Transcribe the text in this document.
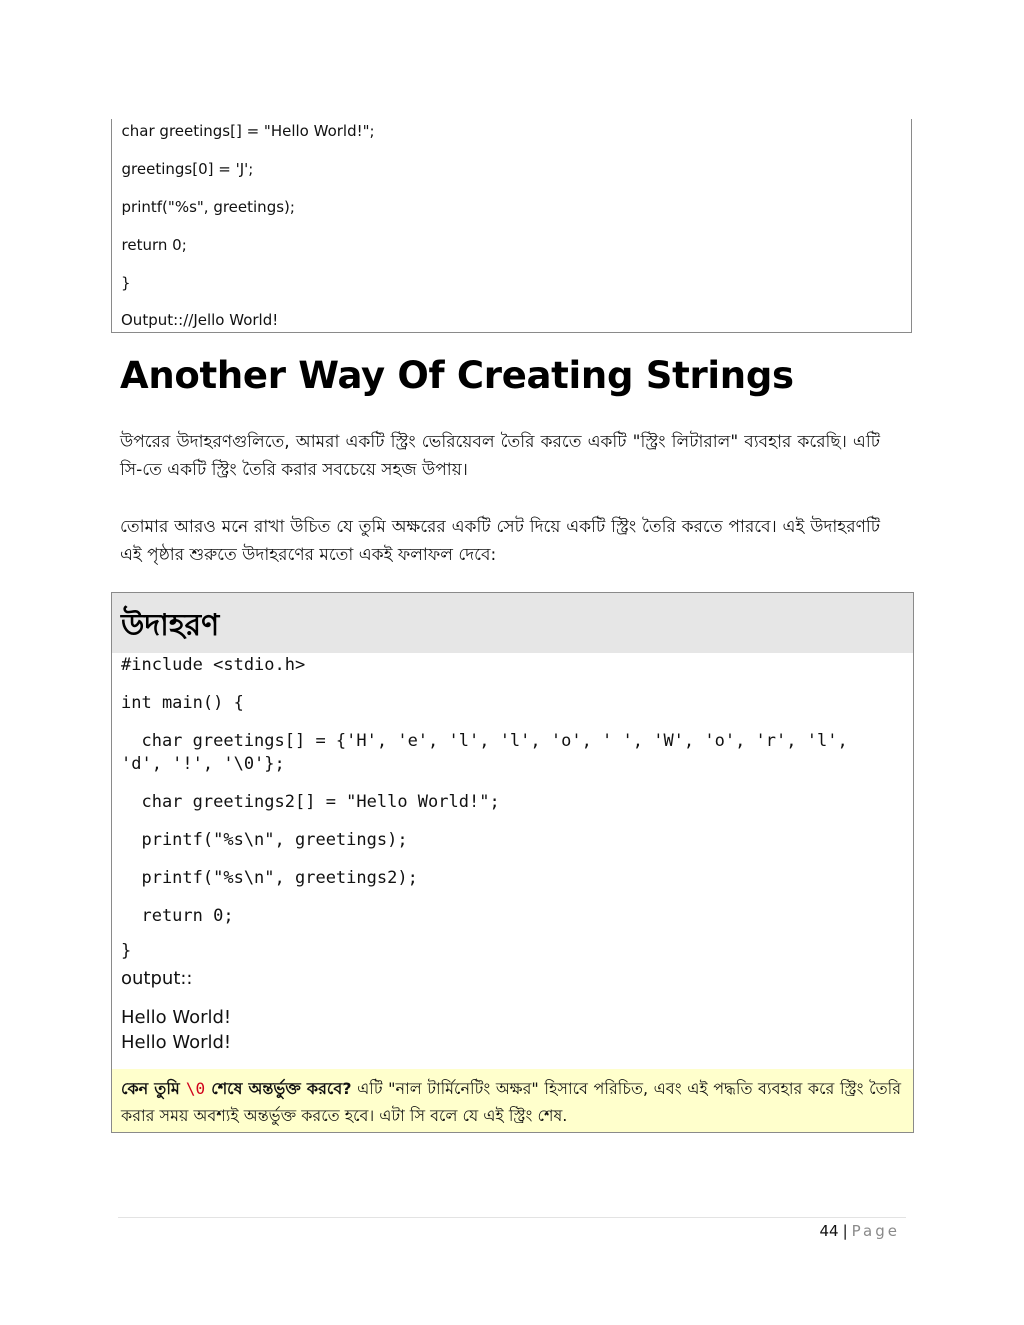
char greetings[] = "Hello World!";
greetings[0] = 'J';
printf("%s", greetings);
return 0;
}
Output:://Jello World!
Another Way Of Creating Strings

উপরের উদাহরণগুলিতে, আমরা একটি স্ট্রিং ভেরিয়েবল তৈরি করতে একটি "স্ট্রিং লিটারাল" ব্যবহার করেছি। এটি সি-তে একটি স্ট্রিং তৈরি করার সবচেয়ে সহজ উপায়।

তোমার আরও মনে রাখা উচিত যে তুমি অক্ষরের একটি সেট দিয়ে একটি স্ট্রিং তৈরি করতে পারবে। এই উদাহরণটি এই পৃষ্ঠার শুরুতে উদাহরণের মতো একই ফলাফল দেবে:

উদাহরণ
#include <stdio.h>
int main() {
char greetings[] = {'H', 'e', 'l', 'l', 'o', ' ', 'W', 'o', 'r', 'l',
'd', '!', '\0'};
char greetings2[] = "Hello World!";
printf("%s\n", greetings);
printf("%s\n", greetings2);
return 0;
}
output::
Hello World!
Hello World!

কেন তুমি \0 শেষে অন্তর্ভুক্ত করবে? এটি "নাল টার্মিনেটিং অক্ষর" হিসাবে পরিচিত, এবং এই পদ্ধতি ব্যবহার করে স্ট্রিং তৈরি করার সময় অবশ্যই অন্তর্ভুক্ত করতে হবে। এটা সি বলে যে এই স্ট্রিং শেষ.

44 | Page
